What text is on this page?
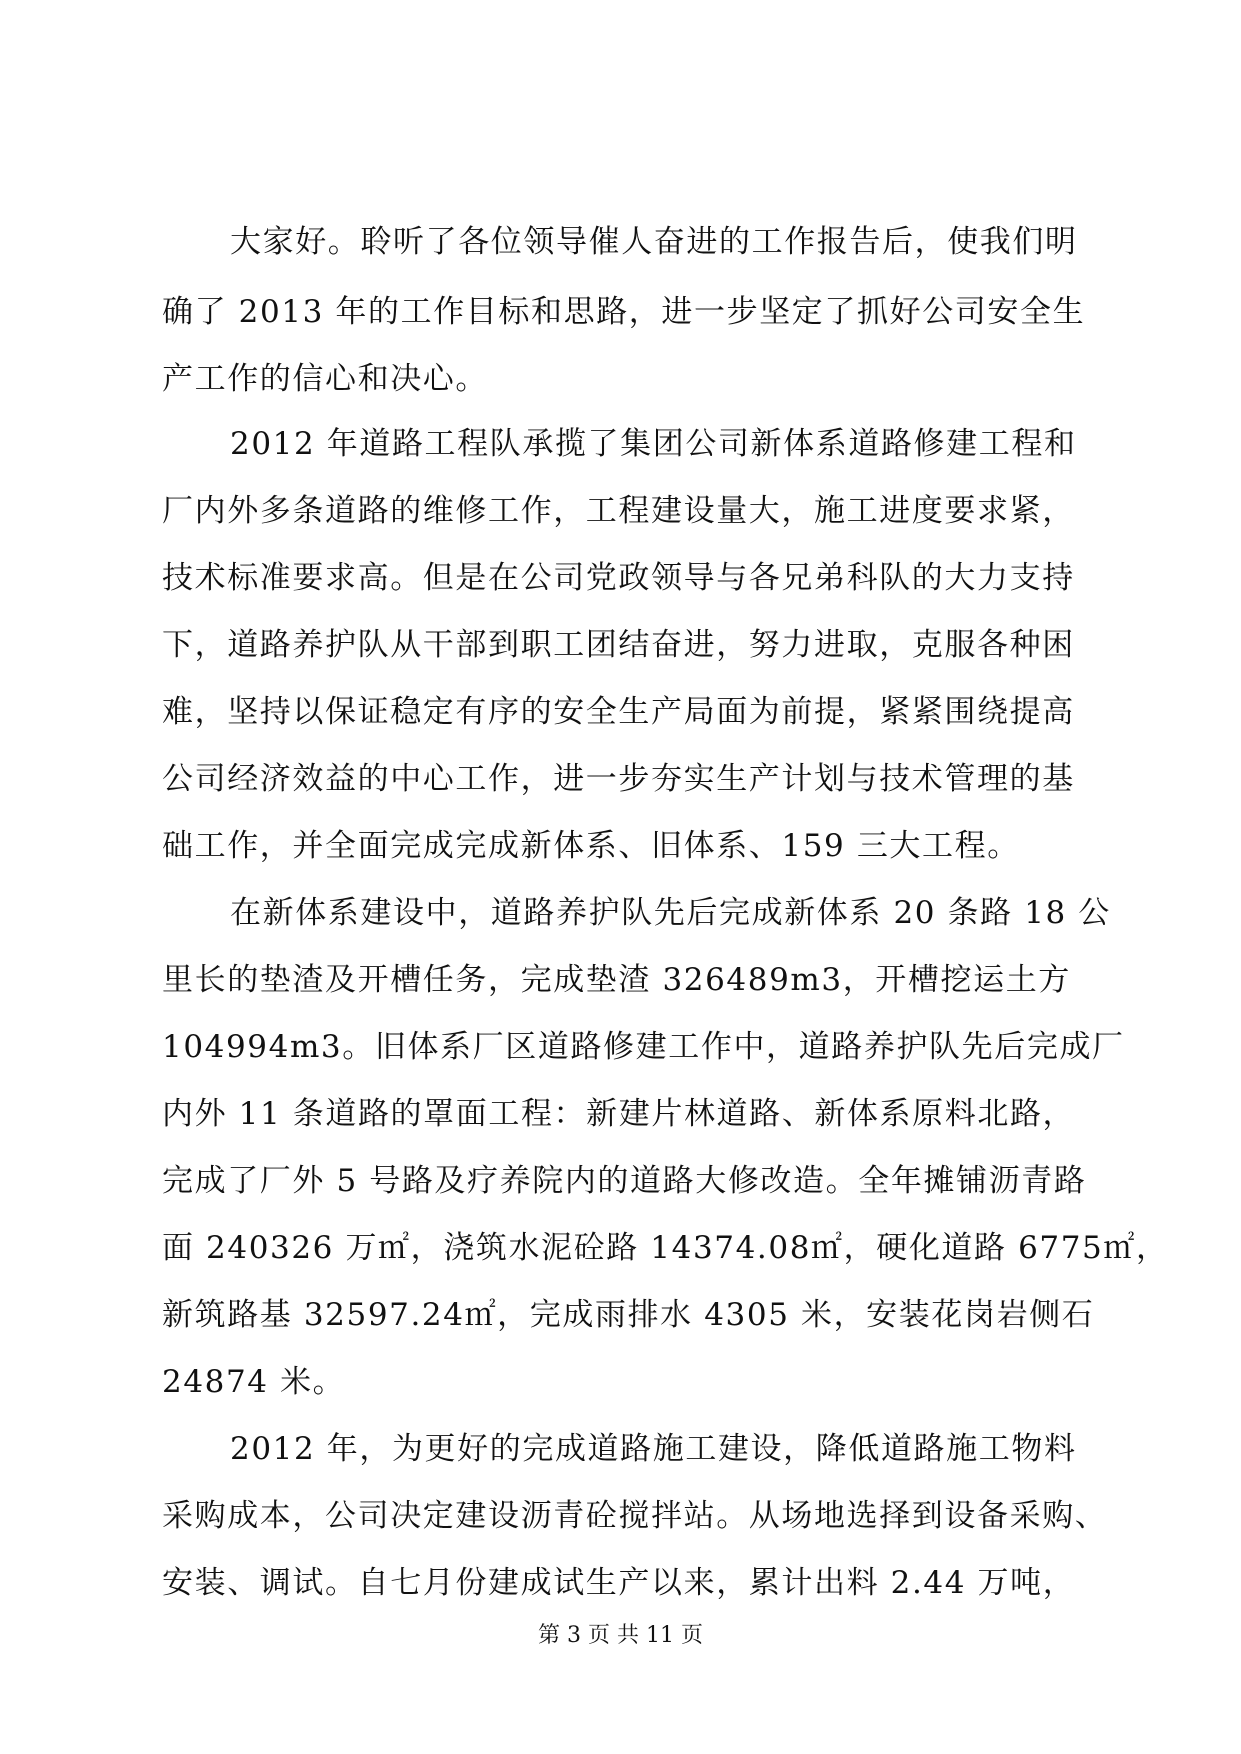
大家好。聆听了各位领导催人奋进的工作报告后，使我们明
确了 2013 年的工作目标和思路，进一步坚定了抓好公司安全生
产工作的信心和决心。
2012 年道路工程队承揽了集团公司新体系道路修建工程和
厂内外多条道路的维修工作，工程建设量大，施工进度要求紧，
技术标准要求高。但是在公司党政领导与各兄弟科队的大力支持
下，道路养护队从干部到职工团结奋进，努力进取，克服各种困
难，坚持以保证稳定有序的安全生产局面为前提，紧紧围绕提高
公司经济效益的中心工作，进一步夯实生产计划与技术管理的基
础工作，并全面完成完成新体系、旧体系、159 三大工程。
在新体系建设中，道路养护队先后完成新体系 20 条路 18 公
里长的垫渣及开槽任务，完成垫渣 326489m3，开槽挖运土方
104994m3。旧体系厂区道路修建工作中，道路养护队先后完成厂
内外 11 条道路的罩面工程：新建片林道路、新体系原料北路，
完成了厂外 5 号路及疗养院内的道路大修改造。全年摊铺沥青路
面 240326 万㎡，浇筑水泥砼路 14374.08㎡，硬化道路 6775㎡，
新筑路基 32597.24㎡，完成雨排水 4305 米，安装花岗岩侧石
24874 米。
2012 年，为更好的完成道路施工建设，降低道路施工物料
采购成本，公司决定建设沥青砼搅拌站。从场地选择到设备采购、
安装、调试。自七月份建成试生产以来，累计出料 2.44 万吨，
第 3 页 共 11 页
